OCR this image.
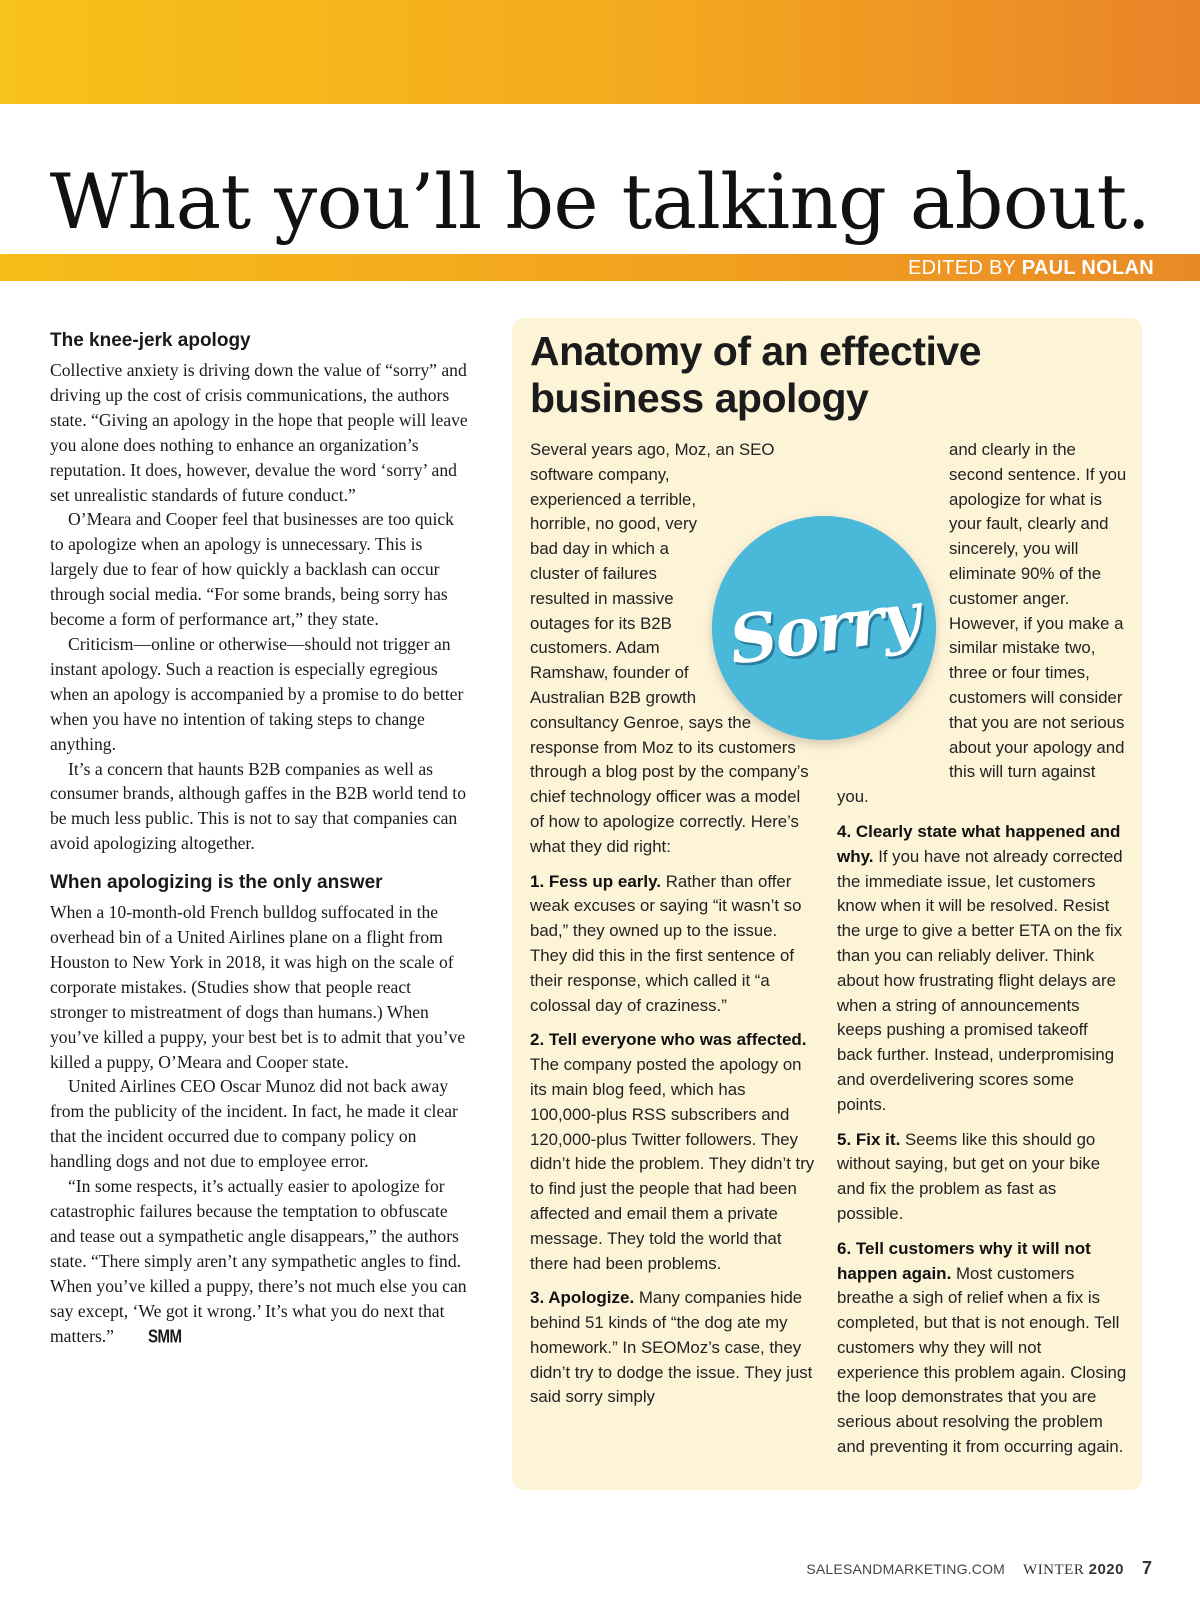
What you’ll be talking about.
EDITED BY PAUL NOLAN
The knee-jerk apology

Collective anxiety is driving down the value of “sorry” and driving up the cost of crisis communications, the authors state. “Giving an apology in the hope that people will leave you alone does nothing to enhance an organization’s reputation. It does, however, devalue the word ‘sorry’ and set unrealistic standards of future conduct.”

O’Meara and Cooper feel that businesses are too quick to apologize when an apology is unnecessary. This is largely due to fear of how quickly a backlash can occur through social media. “For some brands, being sorry has become a form of performance art,” they state.

Criticism—online or otherwise—should not trigger an instant apology. Such a reaction is especially egregious when an apology is accompanied by a promise to do better when you have no intention of taking steps to change anything.

It’s a concern that haunts B2B companies as well as consumer brands, although gaffes in the B2B world tend to be much less public. This is not to say that companies can avoid apologizing altogether.

When apologizing is the only answer

When a 10-month-old French bulldog suffocated in the overhead bin of a United Airlines plane on a flight from Houston to New York in 2018, it was high on the scale of corporate mistakes. (Studies show that people react stronger to mistreatment of dogs than humans.) When you’ve killed a puppy, your best bet is to admit that you’ve killed a puppy, O’Meara and Cooper state.

United Airlines CEO Oscar Munoz did not back away from the publicity of the incident. In fact, he made it clear that the incident occurred due to company policy on handling dogs and not due to employee error.

“In some respects, it’s actually easier to apologize for catastrophic failures because the temptation to obfuscate and tease out a sympathetic angle disappears,” the authors state. “There simply aren’t any sympathetic angles to find. When you’ve killed a puppy, there’s not much else you can say except, ‘We got it wrong.’ It’s what you do next that matters.” SMM

Anatomy of an effective business apology

Several years ago, Moz, an SEO software company, experienced a terrible, horrible, no good, very bad day in which a cluster of failures resulted in massive outages for its B2B customers. Adam Ramshaw, founder of Australian B2B growth consultancy Genroe, says the response from Moz to its customers through a blog post by the company’s chief technology officer was a model of how to apologize correctly. Here’s what they did right:

1. Fess up early. Rather than offer weak excuses or saying “it wasn’t so bad,” they owned up to the issue. They did this in the first sentence of their response, which called it “a colossal day of craziness.”

2. Tell everyone who was affected. The company posted the apology on its main blog feed, which has 100,000-plus RSS subscribers and 120,000-plus Twitter followers. They didn’t hide the problem. They didn’t try to find just the people that had been affected and email them a private message. They told the world that there had been problems.

3. Apologize. Many companies hide behind 51 kinds of “the dog ate my homework.” In SEOMoz’s case, they didn’t try to dodge the issue. They just said sorry simply

and clearly in the second sentence. If you apologize for what is your fault, clearly and sincerely, you will eliminate 90% of the customer anger. However, if you make a similar mistake two, three or four times, customers will consider that you are not serious about your apology and this will turn against you.

4. Clearly state what happened and why. If you have not already corrected the immediate issue, let customers know when it will be resolved. Resist the urge to give a better ETA on the fix than you can reliably deliver. Think about how frustrating flight delays are when a string of announcements keeps pushing a promised takeoff back further. Instead, underpromising and overdelivering scores some points.

5. Fix it. Seems like this should go without saying, but get on your bike and fix the problem as fast as possible.

6. Tell customers why it will not happen again. Most customers breathe a sigh of relief when a fix is completed, but that is not enough. Tell customers why they will not experience this problem again. Closing the loop demonstrates that you are serious about resolving the problem and preventing it from occurring again.

Sorry
SALESANDMARKETING.COM WINTER 2020 7
